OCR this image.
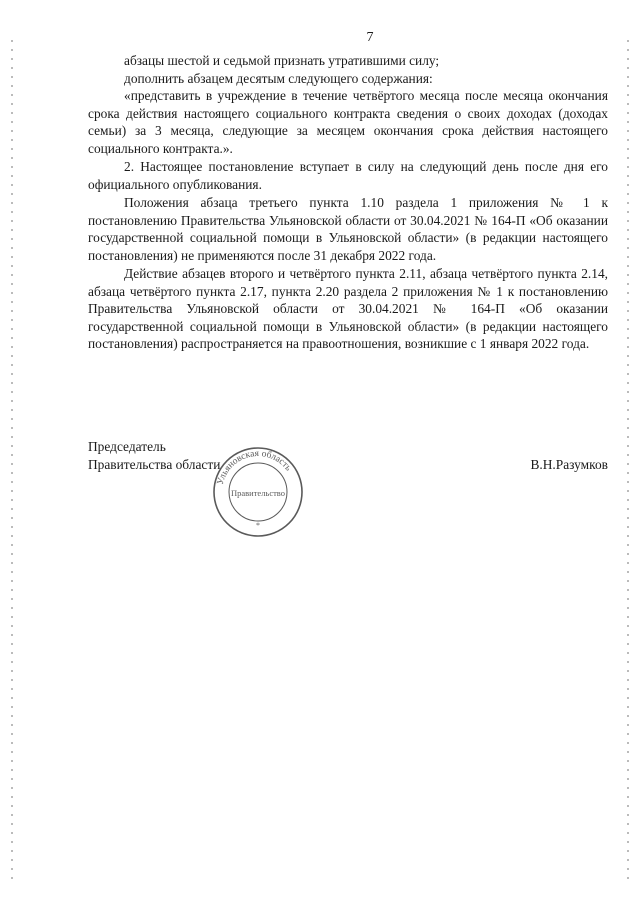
7

абзацы шестой и седьмой признать утратившими силу;

дополнить абзацем десятым следующего содержания:

«представить в учреждение в течение четвёртого месяца после месяца окончания срока действия настоящего социального контракта сведения о своих доходах (доходах семьи) за 3 месяца, следующие за месяцем окончания срока действия настоящего социального контракта.».

2. Настоящее постановление вступает в силу на следующий день после дня его официального опубликования.

Положения абзаца третьего пункта 1.10 раздела 1 приложения № 1 к постановлению Правительства Ульяновской области от 30.04.2021 № 164-П «Об оказании государственной социальной помощи в Ульяновской области» (в редакции настоящего постановления) не применяются после 31 декабря 2022 года.

Действие абзацев второго и четвёртого пункта 2.11, абзаца четвёртого пункта 2.14, абзаца четвёртого пункта 2.17, пункта 2.20 раздела 2 приложения № 1 к постановлению Правительства Ульяновской области от 30.04.2021 № 164-П «Об оказании государственной социальной помощи в Ульяновской области» (в редакции настоящего постановления) распространяется на правоотношения, возникшие с 1 января 2022 года.

Председатель

Правительства области	В.Н.Разумков
Ульяновская область
Правительство
*
